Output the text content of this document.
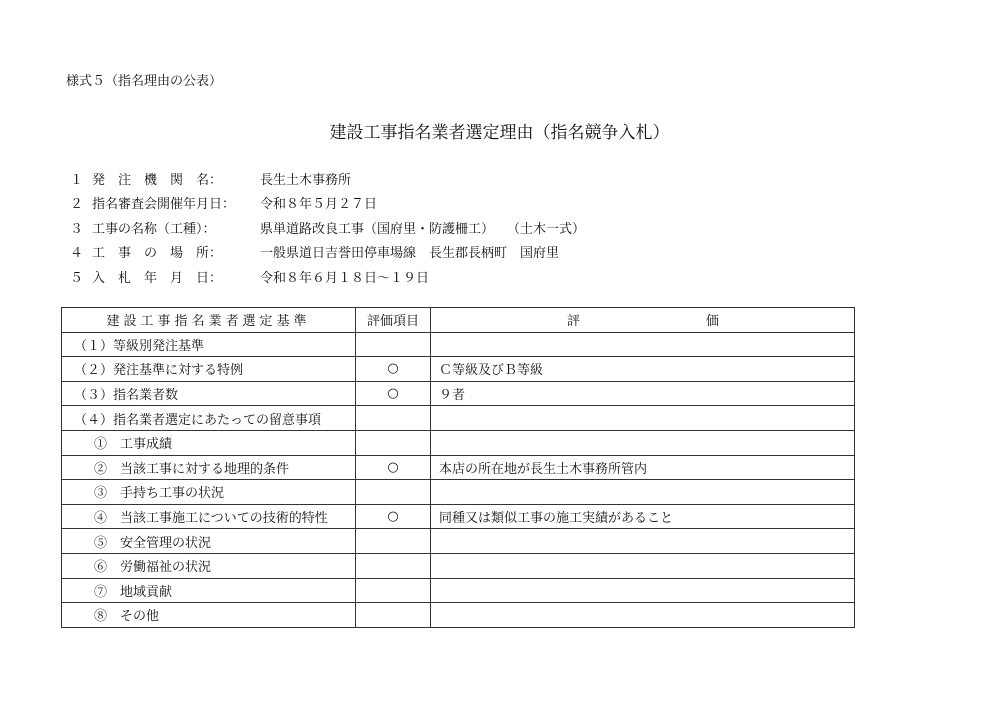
様式５（指名理由の公表）
建設工事指名業者選定理由（指名競争入札）
１ 発　注　機　関　名：	長生土木事務所
２ 指名審査会開催年月日：	令和８年５月２７日
３ 工事の名称（工種）：	県単道路改良工事（国府里・防護柵工）　　（土木一式）
４ 工　事　の　場　所：	一般県道日吉誉田停車場線　長生郡長柄町　国府里
５ 入　札　年　月　日：	令和８年６月１８日〜１９日
建設工事指名業者選定基準	評価項目	評 価

（１）等級別発注基準		
（２）発注基準に対する特例	○	Ｃ等級及びＢ等級
（３）指名業者数	○	９者
（４）指名業者選定にあたっての留意事項		
①　工事成績		
②　当該工事に対する地理的条件	○	本店の所在地が長生土木事務所管内
③　手持ち工事の状況		
④　当該工事施工についての技術的特性	○	同種又は類似工事の施工実績があること
⑤　安全管理の状況		
⑥　労働福祉の状況		
⑦　地域貢献		
⑧　その他		
